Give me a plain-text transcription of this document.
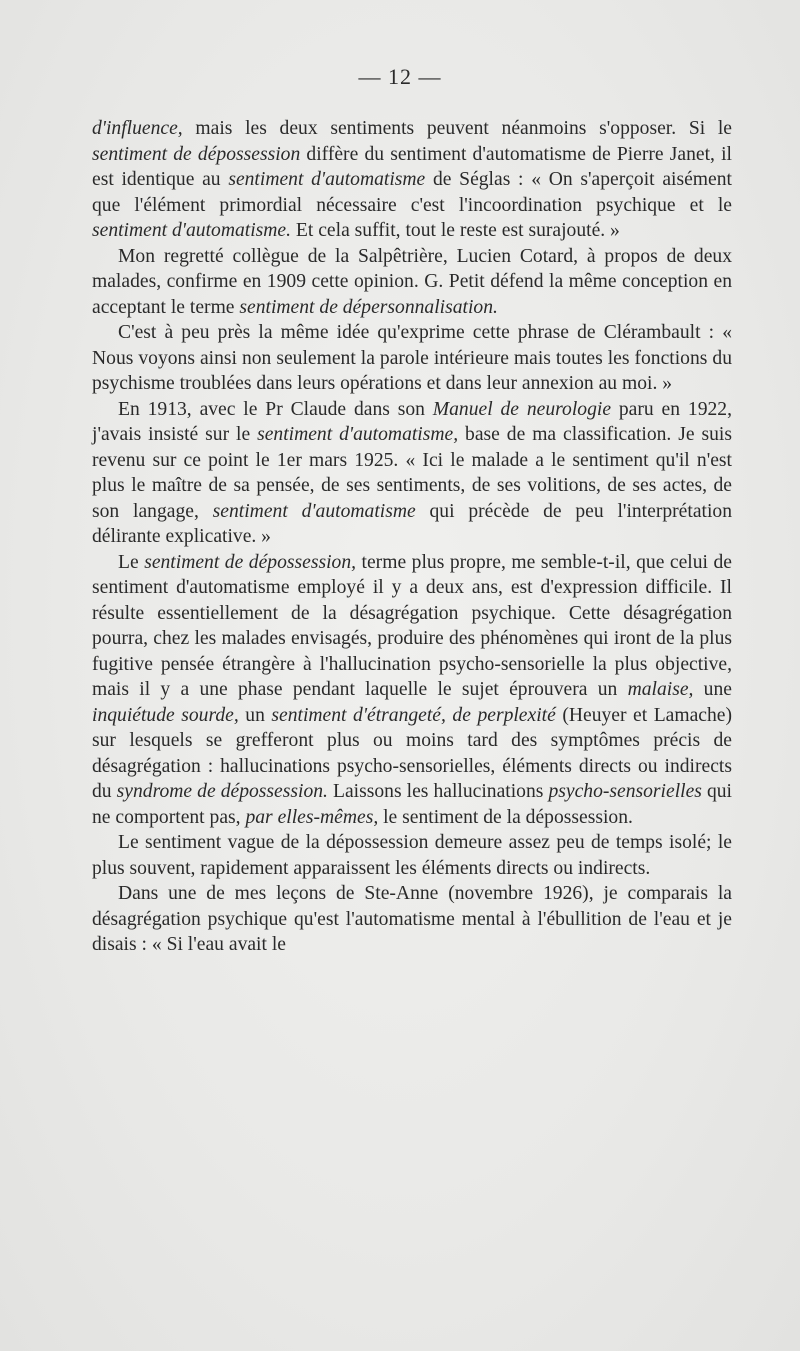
— 12 —

d'influence, mais les deux sentiments peuvent néanmoins s'opposer. Si le sentiment de dépossession diffère du sentiment d'automatisme de Pierre Janet, il est identique au sentiment d'automatisme de Séglas : « On s'aperçoit aisément que l'élément primordial nécessaire c'est l'incoordination psychique et le sentiment d'automatisme. Et cela suffit, tout le reste est surajouté. »

Mon regretté collègue de la Salpêtrière, Lucien Cotard, à propos de deux malades, confirme en 1909 cette opinion. G. Petit défend la même conception en acceptant le terme sentiment de dépersonnalisation.

C'est à peu près la même idée qu'exprime cette phrase de Clérambault : « Nous voyons ainsi non seulement la parole intérieure mais toutes les fonctions du psychisme troublées dans leurs opérations et dans leur annexion au moi. »

En 1913, avec le Pr Claude dans son Manuel de neurologie paru en 1922, j'avais insisté sur le sentiment d'automatisme, base de ma classification. Je suis revenu sur ce point le 1er mars 1925. « Ici le malade a le sentiment qu'il n'est plus le maître de sa pensée, de ses sentiments, de ses volitions, de ses actes, de son langage, sentiment d'automatisme qui précède de peu l'interprétation délirante explicative. »

Le sentiment de dépossession, terme plus propre, me semble-t-il, que celui de sentiment d'automatisme employé il y a deux ans, est d'expression difficile. Il résulte essentiellement de la désagrégation psychique. Cette désagrégation pourra, chez les malades envisagés, produire des phénomènes qui iront de la plus fugitive pensée étrangère à l'hallucination psycho-sensorielle la plus objective, mais il y a une phase pendant laquelle le sujet éprouvera un malaise, une inquiétude sourde, un sentiment d'étrangeté, de perplexité (Heuyer et Lamache) sur lesquels se grefferont plus ou moins tard des symptômes précis de désagrégation : hallucinations psycho-sensorielles, éléments directs ou indirects du syndrome de dépossession. Laissons les hallucinations psycho-sensorielles qui ne comportent pas, par elles-mêmes, le sentiment de la dépossession.

Le sentiment vague de la dépossession demeure assez peu de temps isolé; le plus souvent, rapidement apparaissent les éléments directs ou indirects.

Dans une de mes leçons de Ste-Anne (novembre 1926), je comparais la désagrégation psychique qu'est l'automatisme mental à l'ébullition de l'eau et je disais : « Si l'eau avait le
